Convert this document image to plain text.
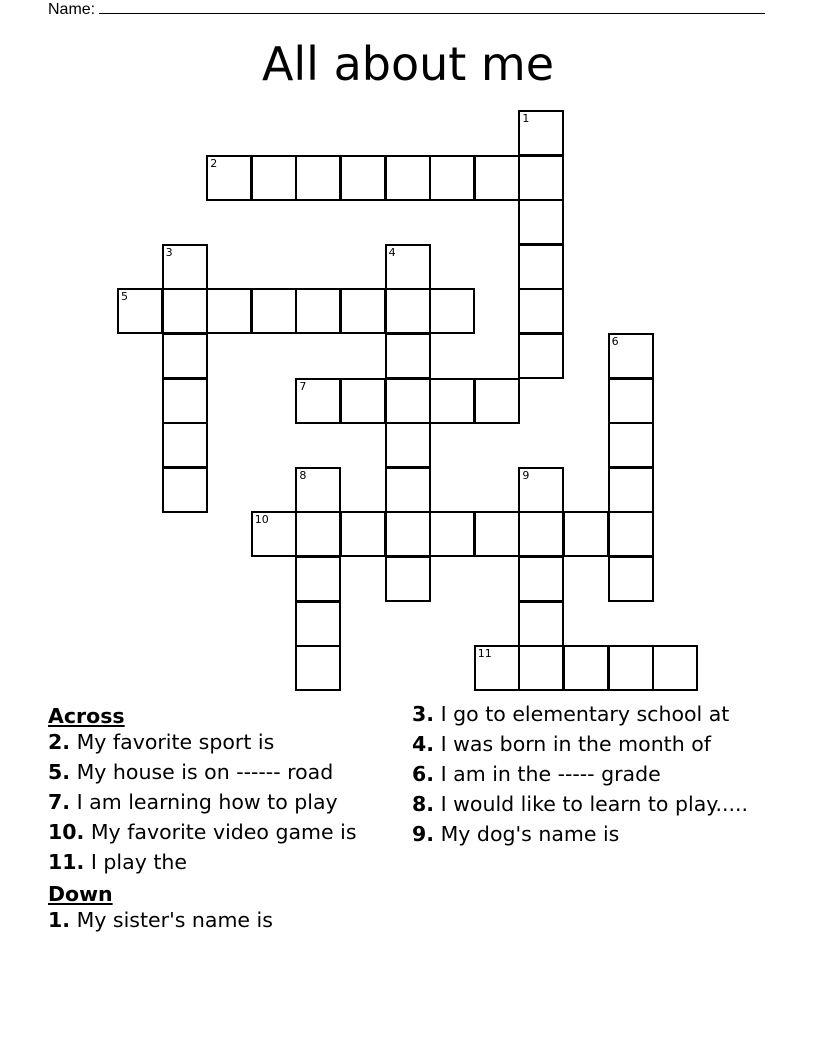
Name:
All about me
1
2
3	4
5
6
7
8	9
10
11
Across
2. My favorite sport is
5. My house is on ------ road
7. I am learning how to play
10. My favorite video game is
11. I play the
Down
1. My sister's name is
3. I go to elementary school at
4. I was born in the month of
6. I am in the ----- grade
8. I would like to learn to play.....
9. My dog's name is
